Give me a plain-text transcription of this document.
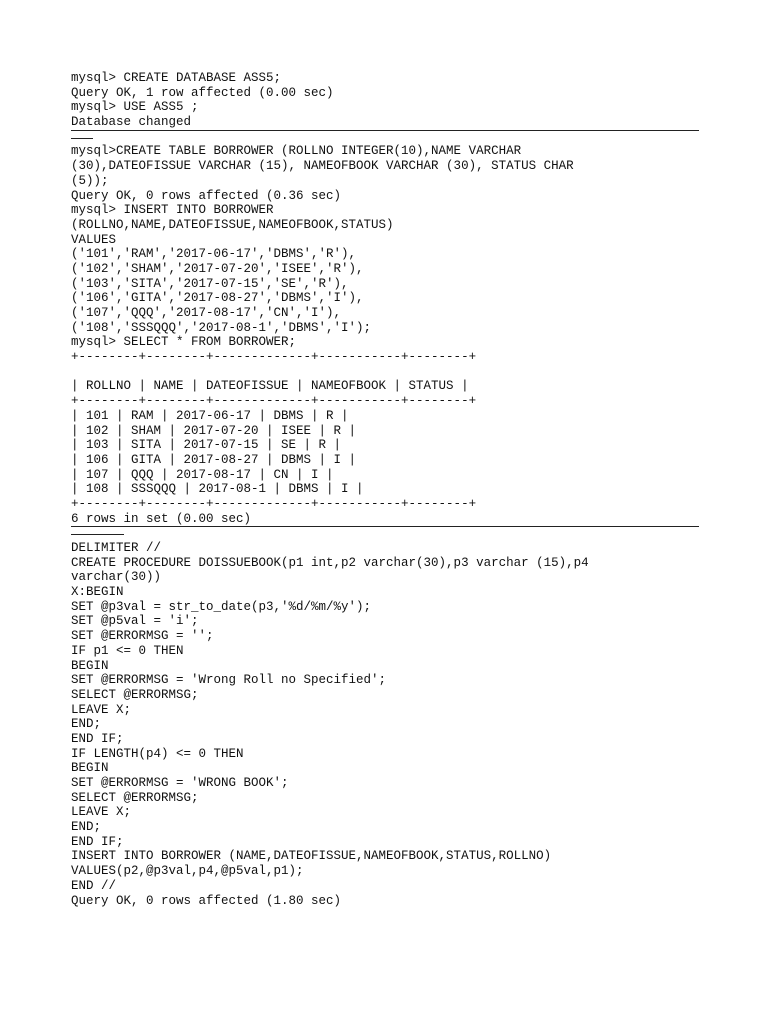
mysql> CREATE DATABASE ASS5;
Query OK, 1 row affected (0.00 sec)
mysql> USE ASS5 ;
Database changed
mysql>CREATE TABLE BORROWER (ROLLNO INTEGER(10),NAME VARCHAR
(30),DATEOFISSUE VARCHAR (15), NAMEOFBOOK VARCHAR (30), STATUS CHAR
(5));
Query OK, 0 rows affected (0.36 sec)
mysql> INSERT INTO BORROWER
(ROLLNO,NAME,DATEOFISSUE,NAMEOFBOOK,STATUS)
VALUES
('101','RAM','2017-06-17','DBMS','R'),
('102','SHAM','2017-07-20','ISEE','R'),
('103','SITA','2017-07-15','SE','R'),
('106','GITA','2017-08-27','DBMS','I'),
('107','QQQ','2017-08-17','CN','I'),
('108','SSSQQQ','2017-08-1','DBMS','I');
mysql> SELECT * FROM BORROWER;
+--------+--------+-------------+-----------+--------+
| ROLLNO | NAME | DATEOFISSUE | NAMEOFBOOK | STATUS |
+--------+--------+-------------+-----------+--------+
| 101 | RAM | 2017-06-17 | DBMS | R |
| 102 | SHAM | 2017-07-20 | ISEE | R |
| 103 | SITA | 2017-07-15 | SE | R |
| 106 | GITA | 2017-08-27 | DBMS | I |
| 107 | QQQ | 2017-08-17 | CN | I |
| 108 | SSSQQQ | 2017-08-1 | DBMS | I |
+--------+--------+-------------+-----------+--------+
6 rows in set (0.00 sec)
DELIMITER //
CREATE PROCEDURE DOISSUEBOOK(p1 int,p2 varchar(30),p3 varchar (15),p4
varchar(30))
X:BEGIN
SET @p3val = str_to_date(p3,'%d/%m/%y');
SET @p5val = 'i';
SET @ERRORMSG = '';
IF p1 <= 0 THEN
BEGIN
SET @ERRORMSG = 'Wrong Roll no Specified';
SELECT @ERRORMSG;
LEAVE X;
END;
END IF;
IF LENGTH(p4) <= 0 THEN
BEGIN
SET @ERRORMSG = 'WRONG BOOK';
SELECT @ERRORMSG;
LEAVE X;
END;
END IF;
INSERT INTO BORROWER (NAME,DATEOFISSUE,NAMEOFBOOK,STATUS,ROLLNO)
VALUES(p2,@p3val,p4,@p5val,p1);
END //
Query OK, 0 rows affected (1.80 sec)
